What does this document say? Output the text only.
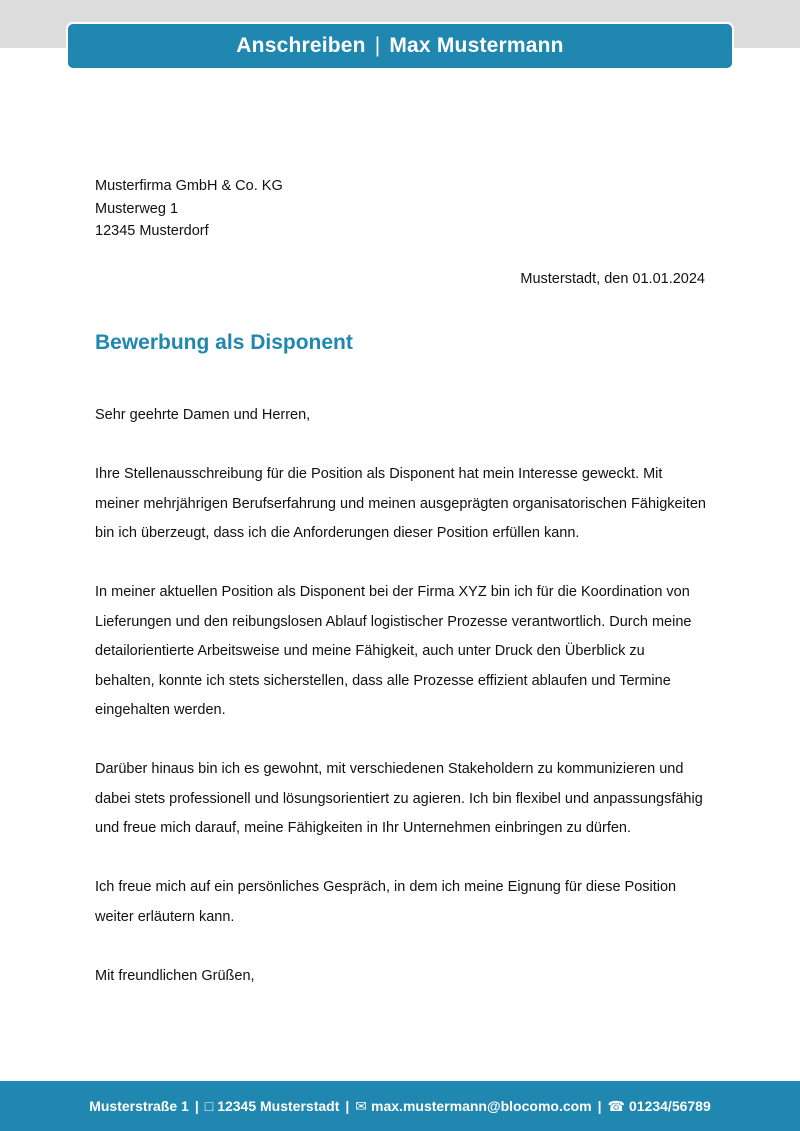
Anschreiben | Max Mustermann
Musterfirma GmbH & Co. KG
Musterweg 1
12345 Musterdorf
Musterstadt, den 01.01.2024
Bewerbung als Disponent

Sehr geehrte Damen und Herren,

Ihre Stellenausschreibung für die Position als Disponent hat mein Interesse geweckt. Mit meiner mehrjährigen Berufserfahrung und meinen ausgeprägten organisatorischen Fähigkeiten bin ich überzeugt, dass ich die Anforderungen dieser Position erfüllen kann.

In meiner aktuellen Position als Disponent bei der Firma XYZ bin ich für die Koordination von Lieferungen und den reibungslosen Ablauf logistischer Prozesse verantwortlich. Durch meine detailorientierte Arbeitsweise und meine Fähigkeit, auch unter Druck den Überblick zu behalten, konnte ich stets sicherstellen, dass alle Prozesse effizient ablaufen und Termine eingehalten werden.

Darüber hinaus bin ich es gewohnt, mit verschiedenen Stakeholdern zu kommunizieren und dabei stets professionell und lösungsorientiert zu agieren. Ich bin flexibel und anpassungsfähig und freue mich darauf, meine Fähigkeiten in Ihr Unternehmen einbringen zu dürfen.

Ich freue mich auf ein persönliches Gespräch, in dem ich meine Eignung für diese Position weiter erläutern kann.

Mit freundlichen Grüßen,

Musterstraße 1 | □ 12345 Musterstadt | ✉ max.mustermann@blocomo.com | ☎ 01234/56789
